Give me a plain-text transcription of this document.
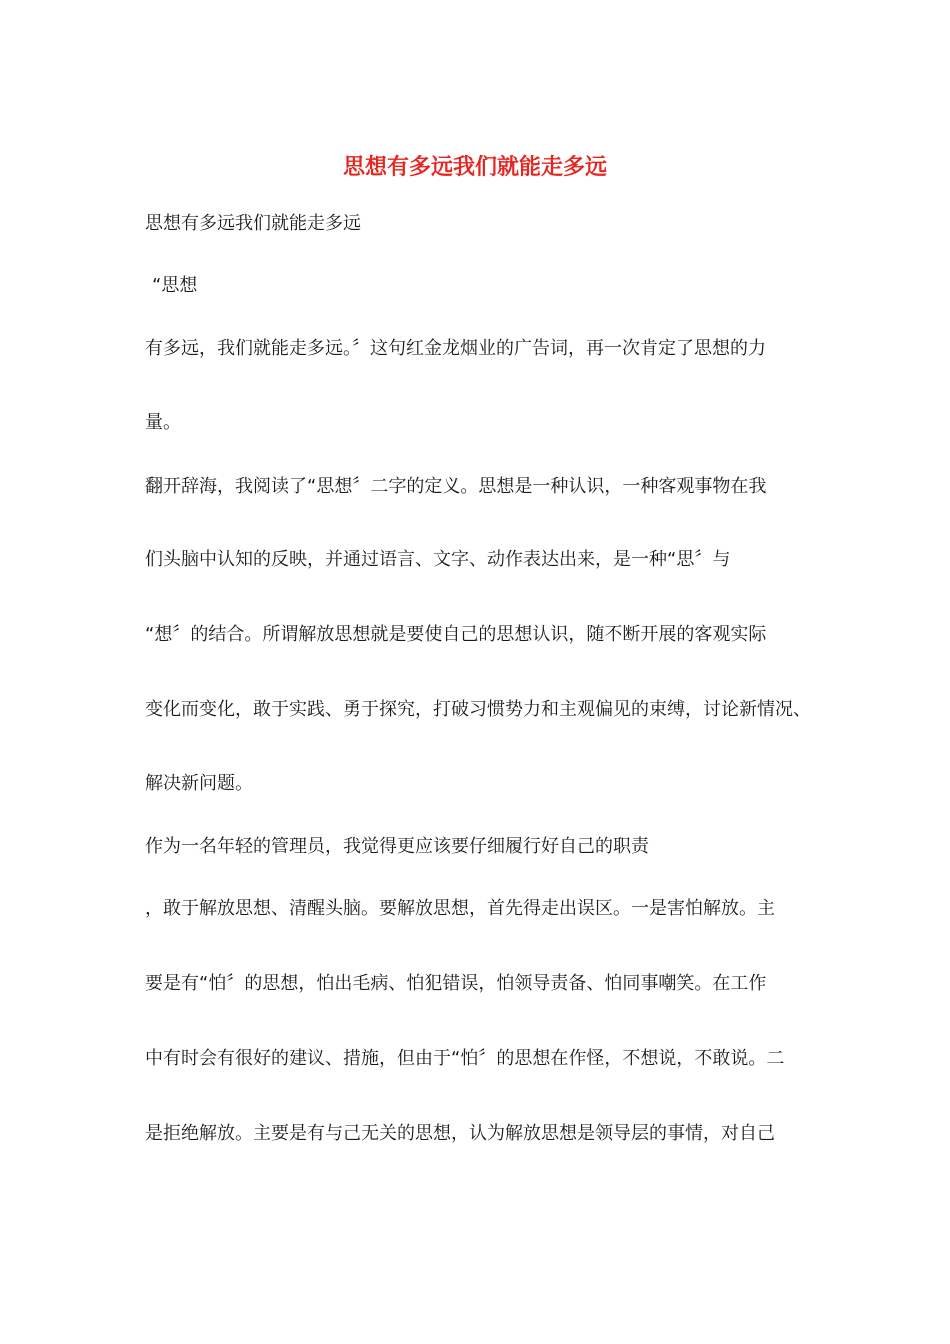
思想有多远我们就能走多远
思想有多远我们就能走多远
“思想
有多远，我们就能走多远。〞这句红金龙烟业的广告词，再一次肯定了思想的力
量。
翻开辞海，我阅读了“思想〞二字的定义。思想是一种认识，一种客观事物在我
们头脑中认知的反映，并通过语言、文字、动作表达出来，是一种“思〞与
“想〞的结合。所谓解放思想就是要使自己的思想认识，随不断开展的客观实际
变化而变化，敢于实践、勇于探究，打破习惯势力和主观偏见的束缚，讨论新情况、
解决新问题。
作为一名年轻的管理员，我觉得更应该要仔细履行好自己的职责
，敢于解放思想、清醒头脑。要解放思想，首先得走出误区。一是害怕解放。主
要是有“怕〞的思想，怕出毛病、怕犯错误，怕领导责备、怕同事嘲笑。在工作
中有时会有很好的建议、措施，但由于“怕〞的思想在作怪，不想说，不敢说。二
是拒绝解放。主要是有与己无关的思想，认为解放思想是领导层的事情，对自己
